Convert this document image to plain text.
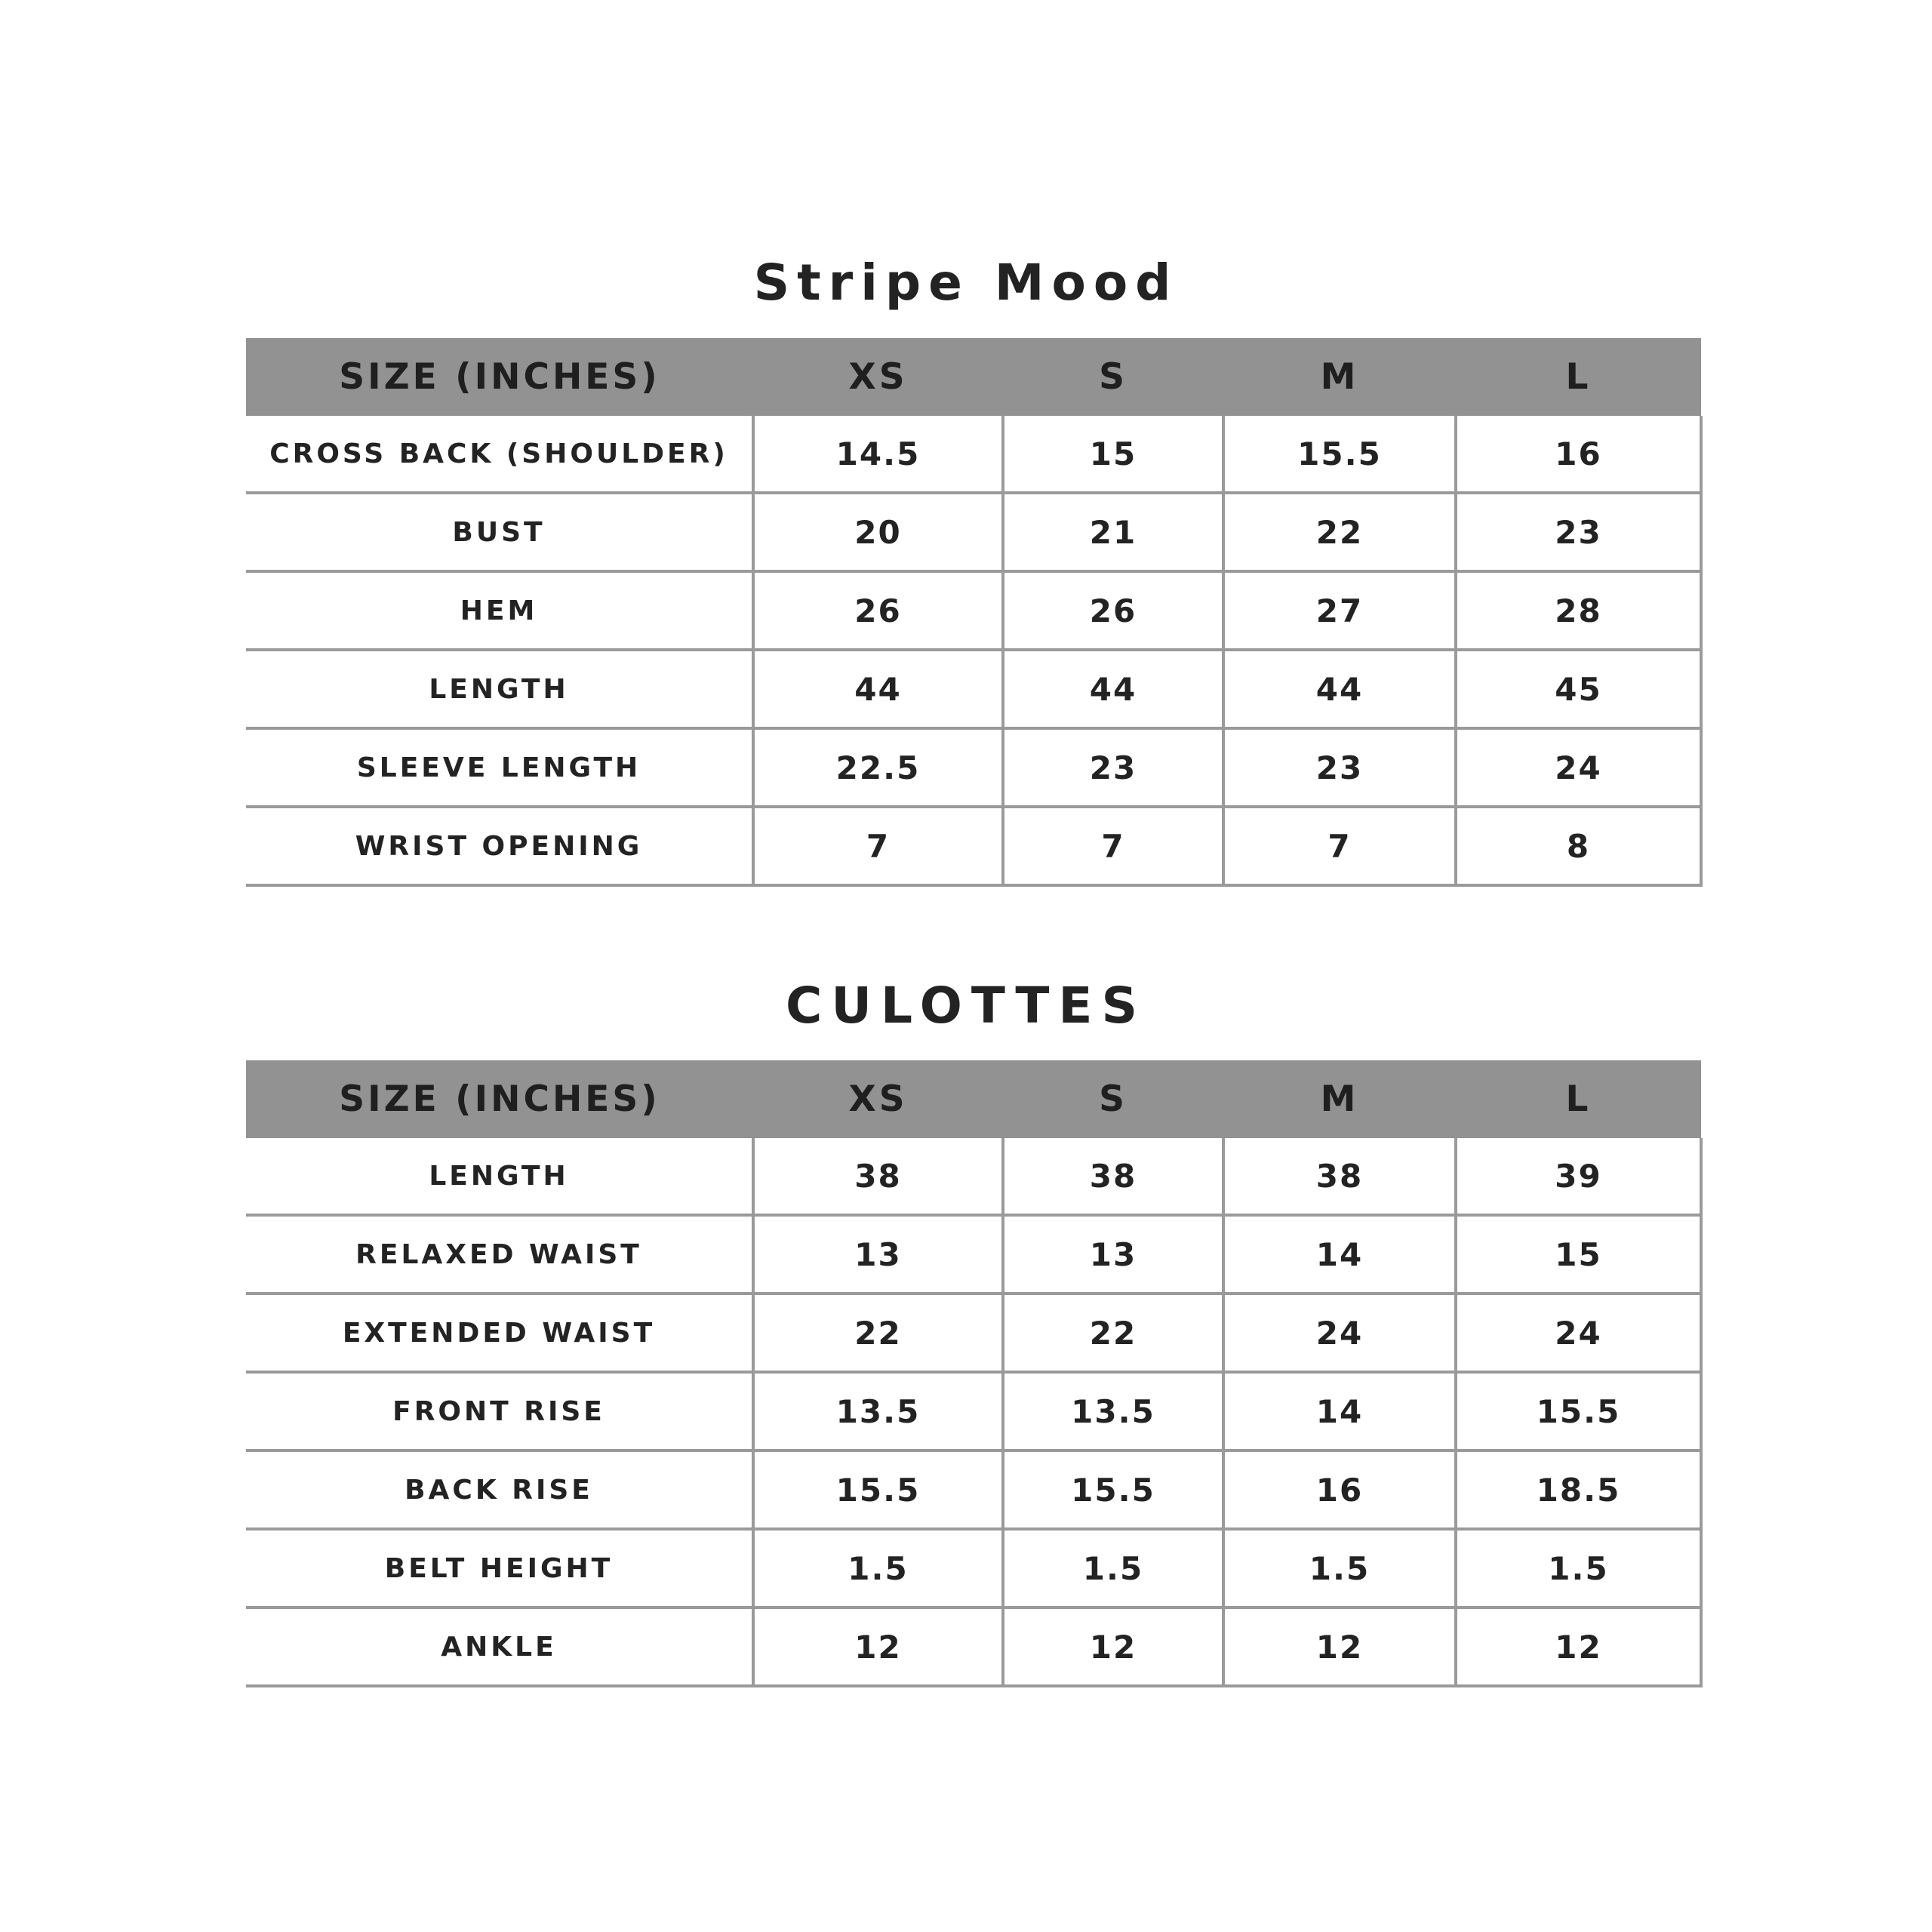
Stripe Mood
SIZE (INCHES)	XS	S	M	L
CROSS BACK (SHOULDER)	14.5	15	15.5	16
BUST	20	21	22	23
HEM	26	26	27	28
LENGTH	44	44	44	45
SLEEVE LENGTH	22.5	23	23	24
WRIST OPENING	7	7	7	8
CULOTTES
SIZE (INCHES)	XS	S	M	L
LENGTH	38	38	38	39
RELAXED WAIST	13	13	14	15
EXTENDED WAIST	22	22	24	24
FRONT RISE	13.5	13.5	14	15.5
BACK RISE	15.5	15.5	16	18.5
BELT HEIGHT	1.5	1.5	1.5	1.5
ANKLE	12	12	12	12
